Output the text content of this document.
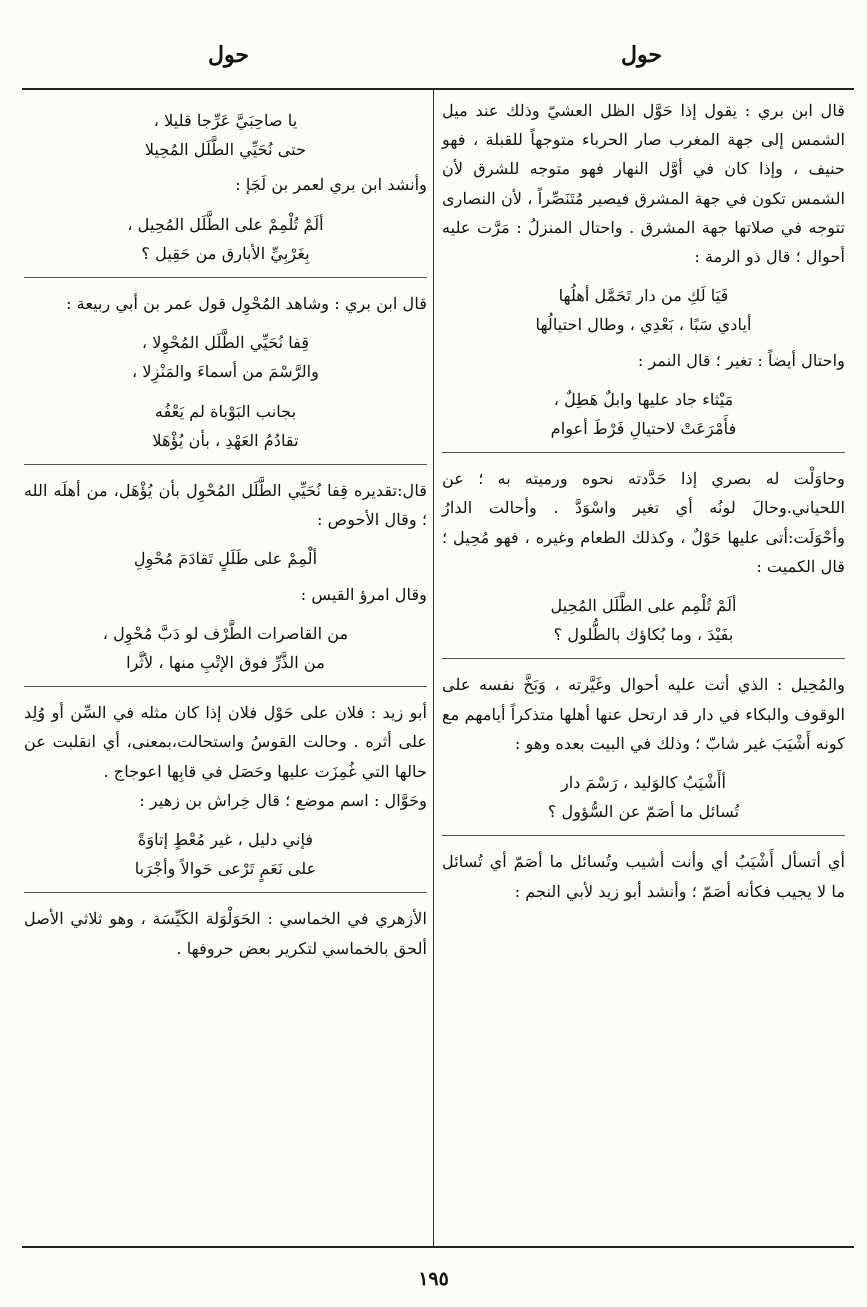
حول
حول

قال ابن بري : يقول إذا حَوَّل الظل العشيّ وذلك عند ميل الشمس إلى جهة المغرب صار الحرباء متوجهاً للقبلة ، فهو حنيف ، وإذا كان في أوَّل النهار فهو متوجه للشرق لأن الشمس تكون في جهة المشرق فيصير مُتَنَصِّراً ، لأن النصارى تتوجه في صلاتها جهة المشرق . واحتال المنزلُ : مَرَّت عليه أحوال ؛ قال ذو الرمة :

فَيَا لَكِ من دار تَحَمَّل أهلُها
أيادي سَبًا ، بَعْدِي ، وطال احتيالُها

واحتال أيضاً : تغير ؛ قال النمر :

مَيْثاء جاد عليها وابلٌ هَطِلٌ ،
فأَمْرَعَتْ لاحتيالِ فَرْطَ أعوام

وحاوَلْت له بصري إذا حَدَّدته نحوه ورميته به ؛ عن اللحياني.وحالَ لونُه أي تغير واسْوَدَّ . وأحالت الدارُ وأحْوَلَت:أتى عليها حَوْلٌ ، وكذلك الطعام وغيره ، فهو مُحِيل ؛ قال الكميت :

ألَمْ تُلْمِم على الطَّلَل المُحِيل
بفَيْدَ ، وما بُكاؤك بالطُّلول ؟

والمُحِيل : الذي أتت عليه أحوال وغَيَّرته ، وَبَخَّ نفسه على الوقوف والبكاء في دار قد ارتحل عنها أهلها متذكراً أيامهم مع كونه أَشْيَبَ غير شابّ ؛ وذلك في البيت بعده وهو :

أأَشْيَبُ كالوَليد ، رَسْمَ دار
تُسائل ما أصَمّ عن السُّؤول ؟

أي أتسأل أَشْيَبُ أي وأنت أشيب وتُسائل ما أصَمّ أي تُسائل ما لا يجيب فكأنه أصَمّ ؛ وأنشد أبو زيد لأبي النجم :

يا صاحِبَيَّ عَرِّجا قليلا ،
حتى نُحَيِّي الطَّلَل المُحِيلا

وأنشد ابن بري لعمر بن لَجَإ :

ألَمْ تُلْمِمْ على الطَّلَل المُحِيل ،
بِغَرْبِيِّ الأبارق من حَقِيل ؟

قال ابن بري : وشاهد المُحْوِل قول عمر بن أبي ربيعة :

قِفا نُحَيِّي الطَّلَل المُحْوِلا ،
والرَّسْمَ من أسماءَ والمَنْزِلا ،
بجانب البَوْباة لم يَعْفُه
تقادُمُ العَهْدِ ، بأن يُؤْهَلا

قال:تقديره قِفا نُحَيِّي الطَّلَل المُحْوِل بأن يُؤْهَل، من أهلَه الله ؛ وقال الأحوص :

ألْمِمْ على طَلَلٍ تَقادَمَ مُحْوِلِ

وقال امرؤ القيس :

من القاصرات الطَّرْف لو دَبَّ مُحْوِل ،
من الذَّرِّ فوق الإتْبِ منها ، لأثَّرا

أبو زيد : فلان على حَوْل فلان إذا كان مثله في السِّن أو وُلِد على أثره . وحالت القوسُ واستحالت،بمعنى، أي انقلبت عن حالها التي غُمِزَت عليها وحَصَل في قابِها اعوجاج .

وحَوَّال : اسم موضع ؛ قال خِراش بن زهير :

فإني دليل ، غير مُعْطٍ إتاوَةً
على نَعَمٍ تَرْعى حَوالاً وأجْرَبا

الأزهري في الخماسي : الحَوَلْوَلة الكَيِّسَة ، وهو ثلاثي الأصل ألحق بالخماسي لتكرير بعض حروفها .

١٩٥
